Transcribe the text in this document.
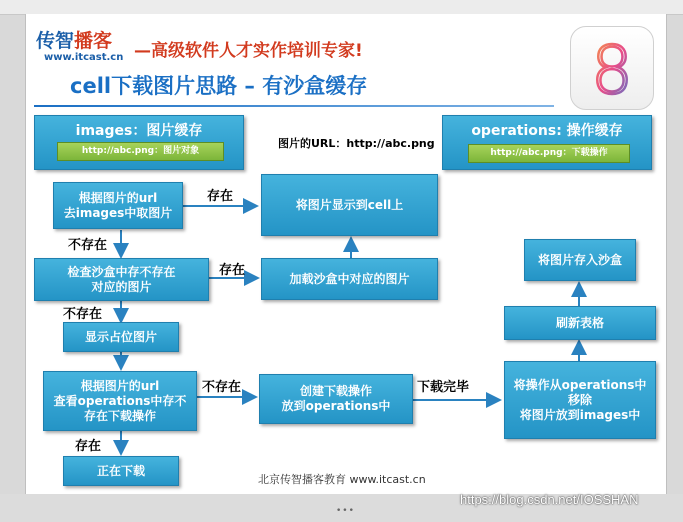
传智播客
www.itcast.cn —高级软件人才实作培训专家!
cell下载图片思路 – 有沙盒缓存	8
images：图片缓存
http://abc.png：图片对象
图片的URL：http://abc.png
operations: 操作缓存
http://abc.png：下载操作
根据图片的url
去images中取图片
将图片显示到cell上
检查沙盒中存不存在
对应的图片
加载沙盒中对应的图片
显示占位图片
根据图片的url
查看operations中存不
存在下载操作
创建下载操作
放到operations中
正在下载
将操作从operations中
移除
将图片放到images中
刷新表格
将图片存入沙盒
存在
不存在
存在
不存在
不存在
存在
下载完毕
北京传智播客教育 www.itcast.cn
•••
https://blog.csdn.net/IOSSHAN
